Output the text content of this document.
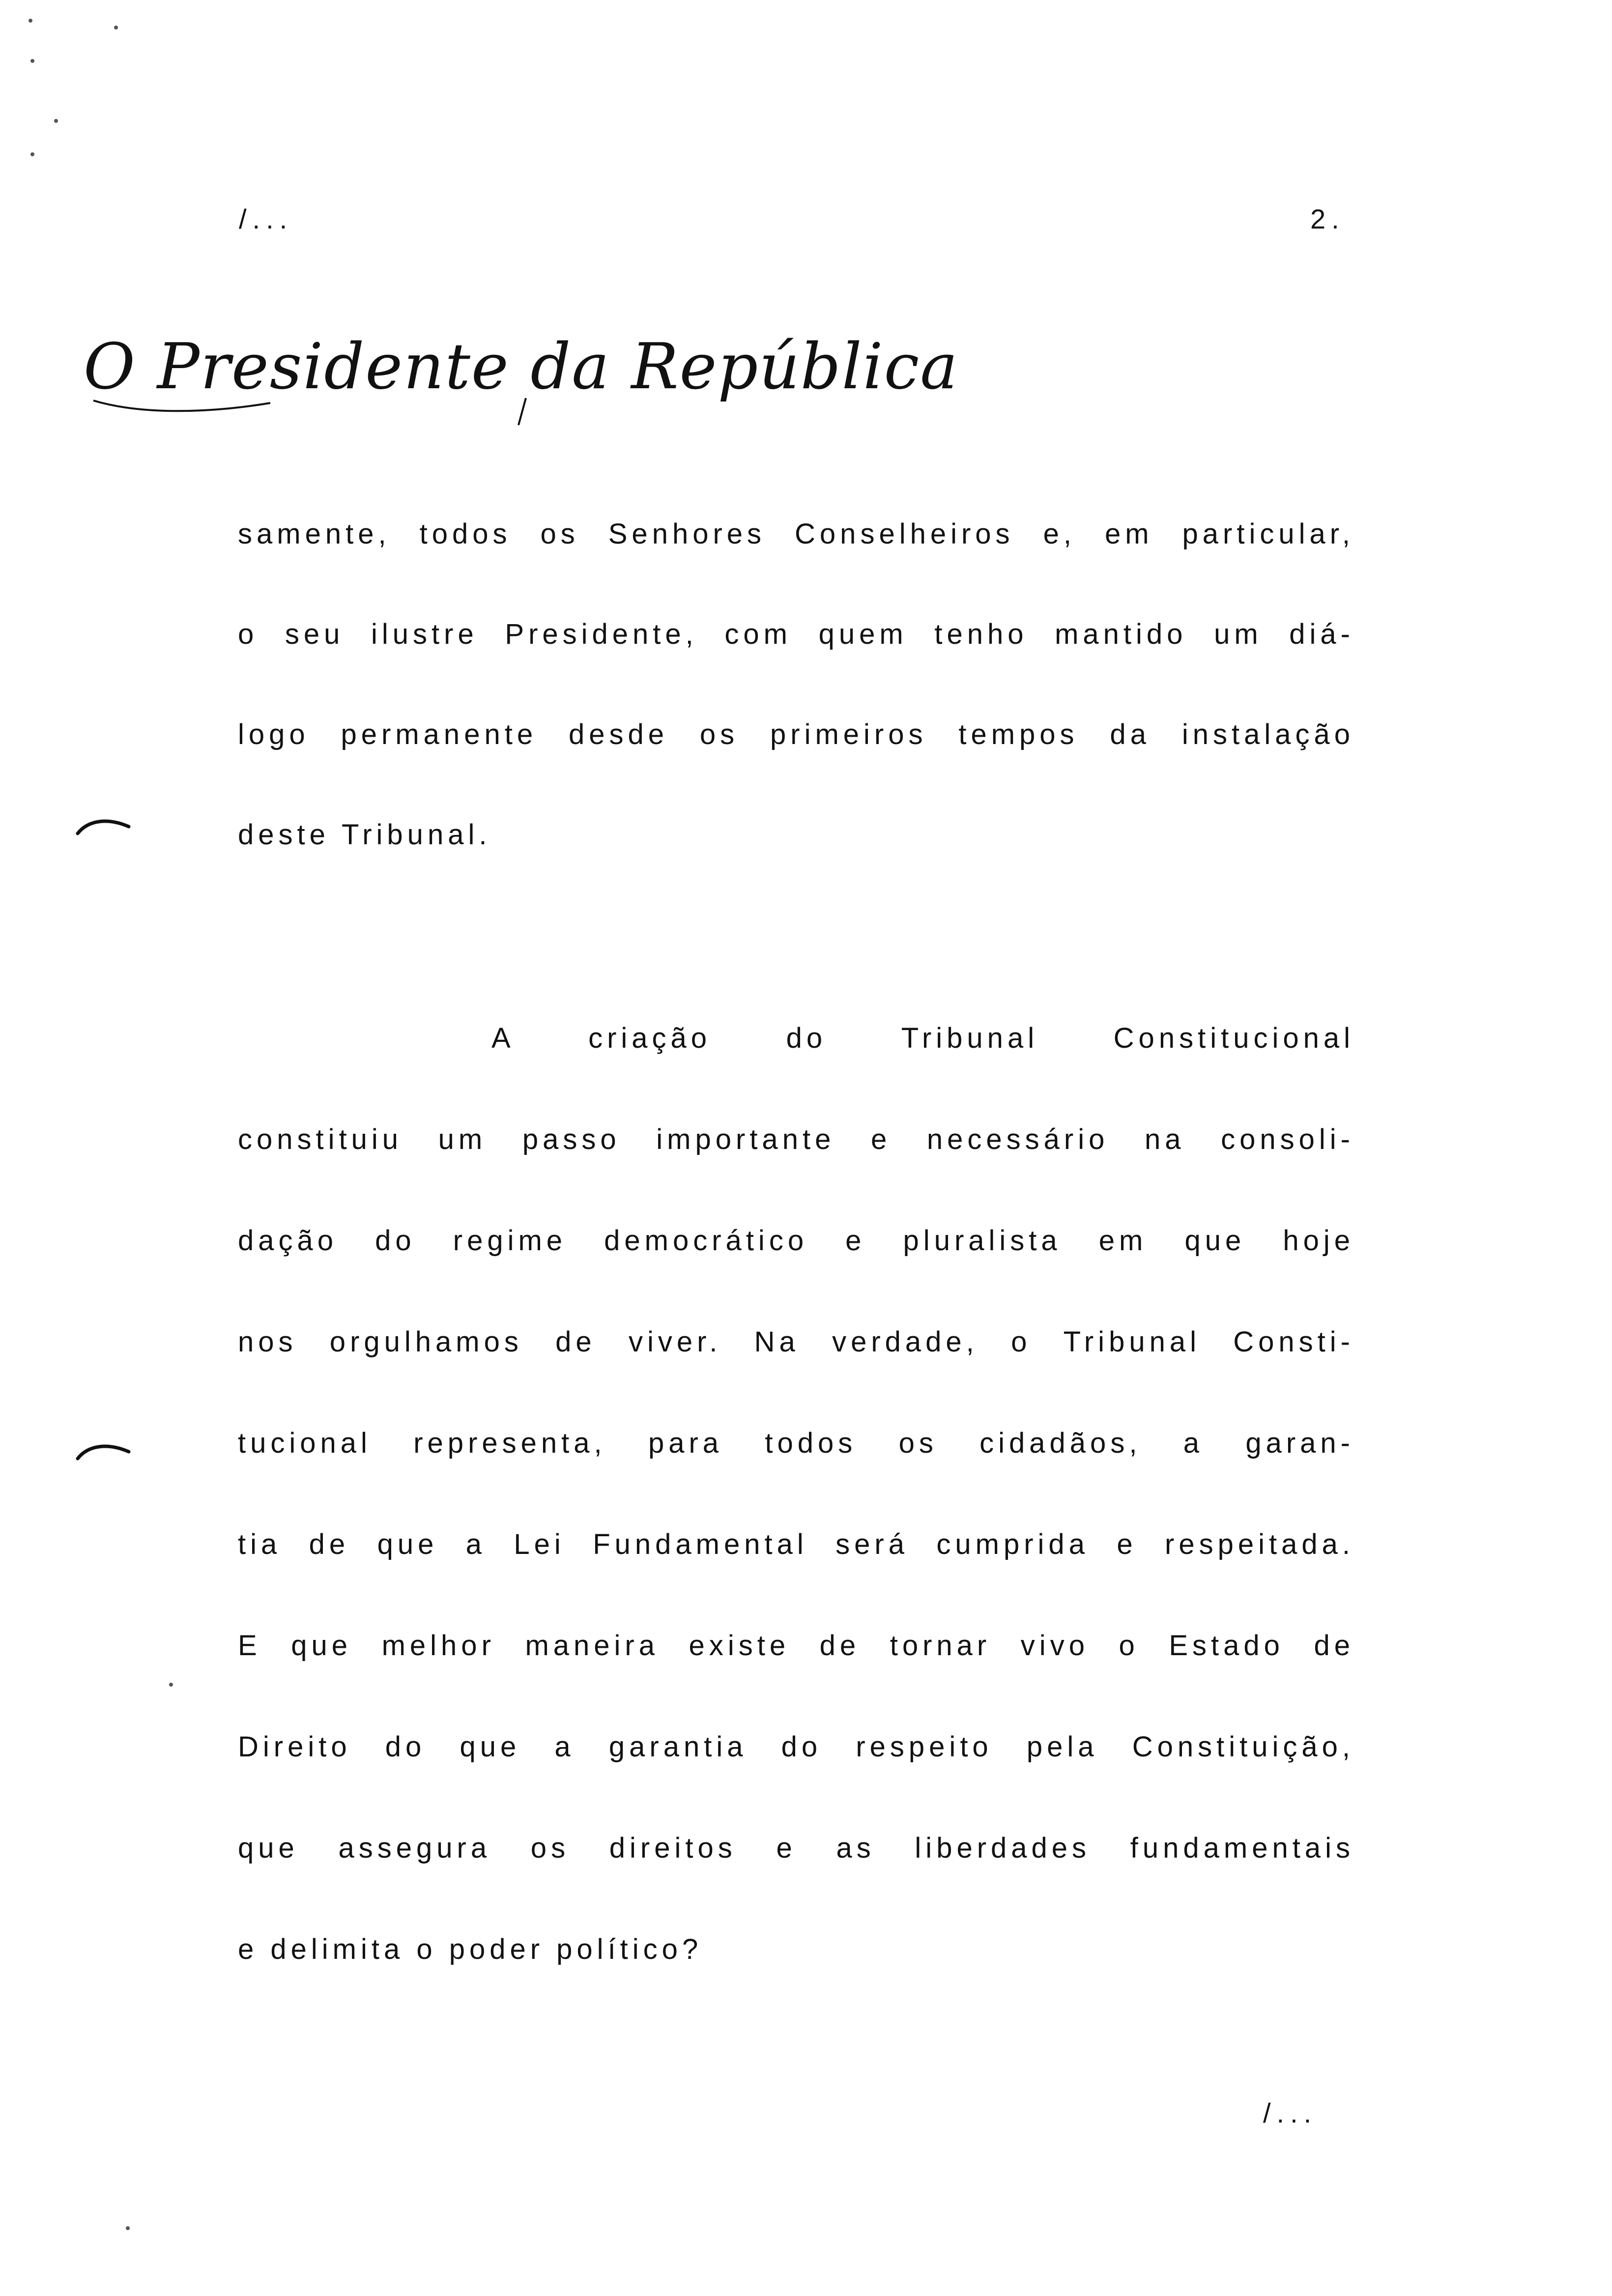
/...	2.
O Presidente da República
samente, todos os Senhores Conselheiros e, em particular,
o seu ilustre Presidente, com quem tenho mantido um diá-
logo permanente desde os primeiros tempos da instalação
deste Tribunal.
A criação do Tribunal Constitucional
constituiu um passo importante e necessário na consoli-
dação do regime democrático e pluralista em que hoje
nos orgulhamos de viver. Na verdade, o Tribunal Consti-
tucional representa, para todos os cidadãos, a garan-
tia de que a Lei Fundamental será cumprida e respeitada.
E que melhor maneira existe de tornar vivo o Estado de
Direito do que a garantia do respeito pela Constituição,
que assegura os direitos e as liberdades fundamentais
e delimita o poder político?
/...
